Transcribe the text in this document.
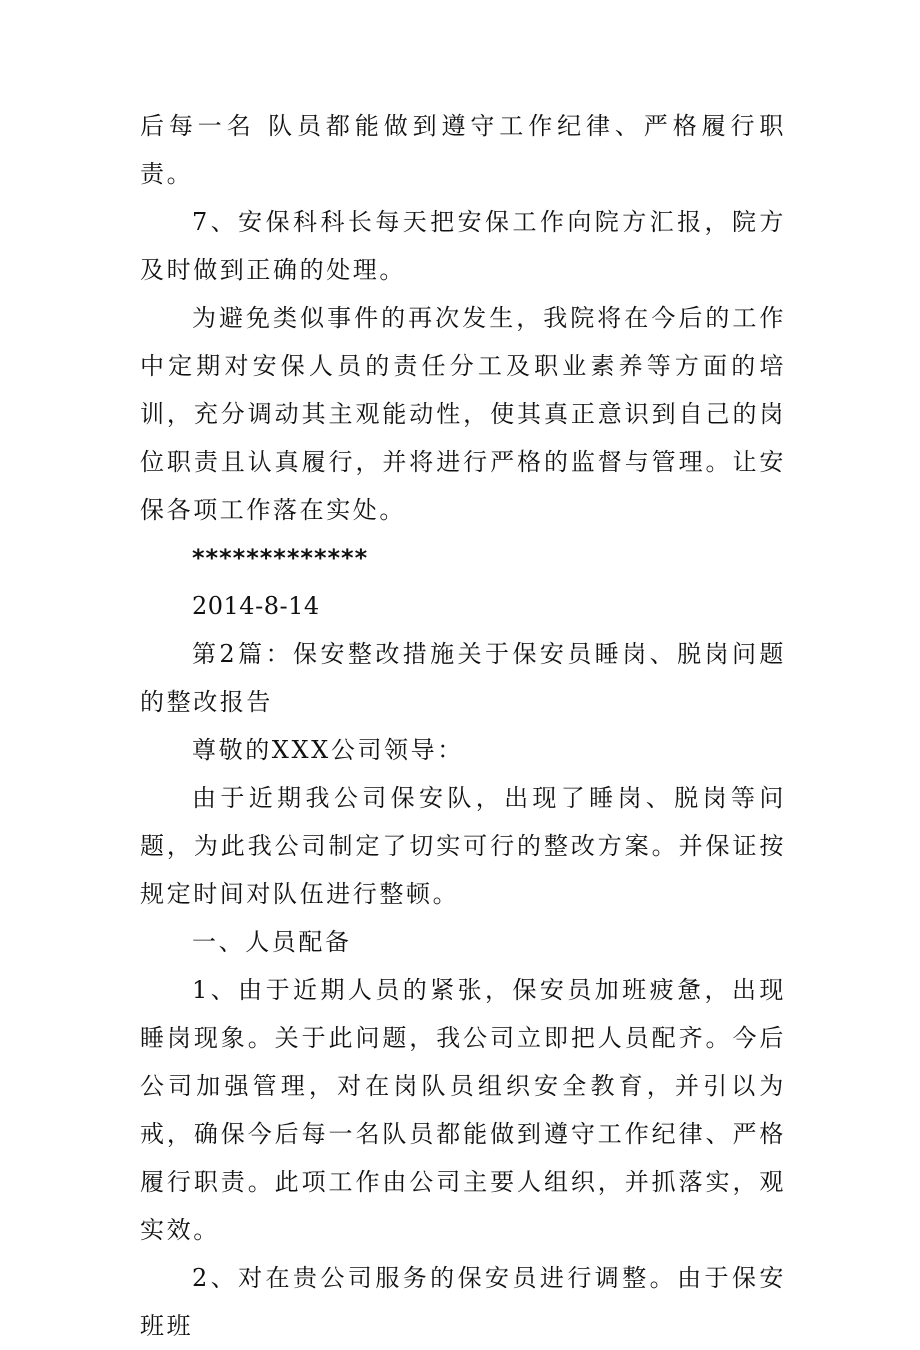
后每一名 队员都能做到遵守工作纪律、严格履行职责。

7、安保科科长每天把安保工作向院方汇报，院方及时做到正确的处理。

为避免类似事件的再次发生，我院将在今后的工作中定期对安保人员的责任分工及职业素养等方面的培训，充分调动其主观能动性，使其真正意识到自己的岗位职责且认真履行，并将进行严格的监督与管理。让安保各项工作落在实处。

*************

2014-8-14

第2篇：保安整改措施关于保安员睡岗、脱岗问题的整改报告

尊敬的XXX公司领导：

由于近期我公司保安队，出现了睡岗、脱岗等问题，为此我公司制定了切实可行的整改方案。并保证按规定时间对队伍进行整顿。

一、人员配备

1、由于近期人员的紧张，保安员加班疲惫，出现睡岗现象。关于此问题，我公司立即把人员配齐。今后公司加强管理，对在岗队员组织安全教育，并引以为戒，确保今后每一名队员都能做到遵守工作纪律、严格履行职责。此项工作由公司主要人组织，并抓落实，观实效。

2、对在贵公司服务的保安员进行调整。由于保安班班
